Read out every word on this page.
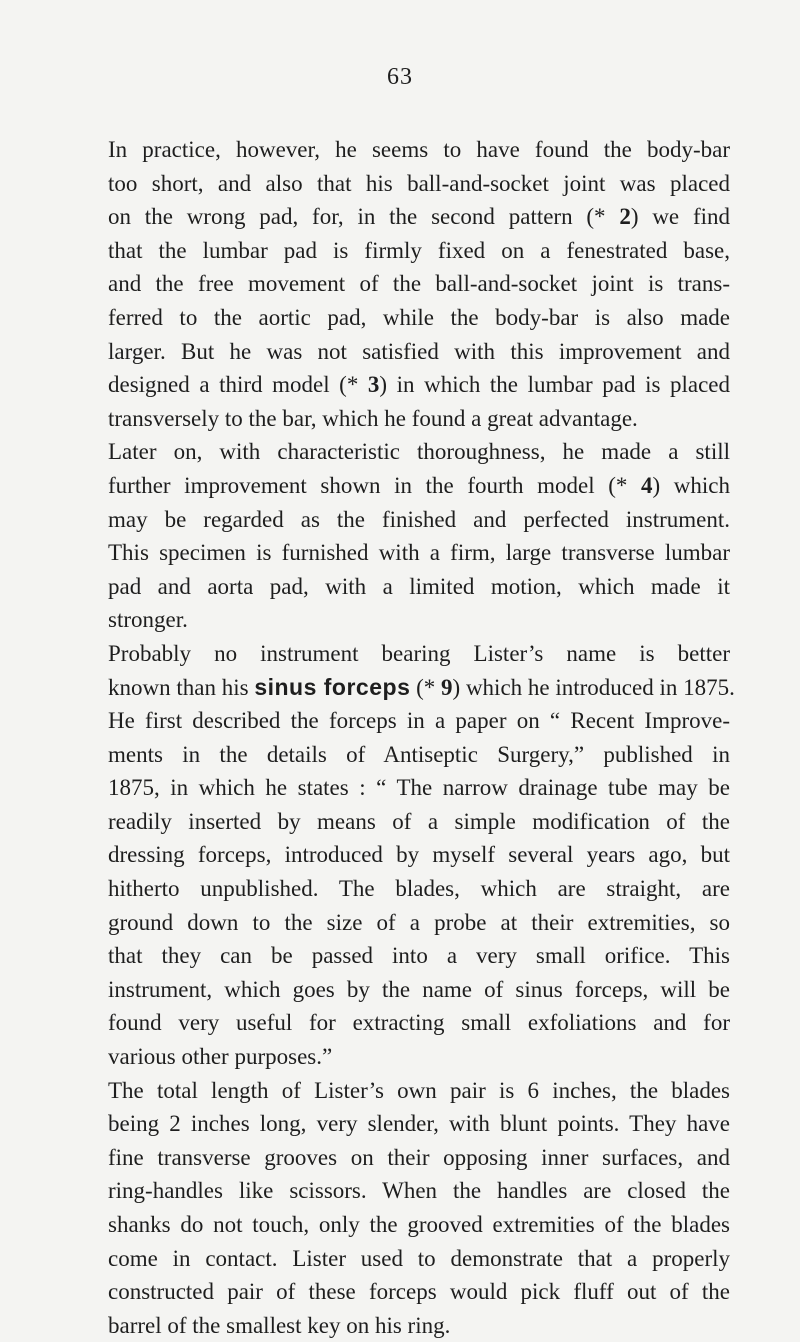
63
In practice, however, he seems to have found the body-bar
too short, and also that his ball-and-socket joint was placed
on the wrong pad, for, in the second pattern (* 2) we find
that the lumbar pad is firmly fixed on a fenestrated base,
and the free movement of the ball-and-socket joint is trans-
ferred to the aortic pad, while the body-bar is also made
larger. But he was not satisfied with this improvement and
designed a third model (* 3) in which the lumbar pad is placed
transversely to the bar, which he found a great advantage.
Later on, with characteristic thoroughness, he made a still
further improvement shown in the fourth model (* 4) which
may be regarded as the finished and perfected instrument.
This specimen is furnished with a firm, large transverse lumbar
pad and aorta pad, with a limited motion, which made it
stronger.
Probably no instrument bearing Lister’s name is better
known than his sinus forceps (* 9) which he introduced in 1875.
He first described the forceps in a paper on “ Recent Improve-
ments in the details of Antiseptic Surgery,” published in
1875, in which he states : “ The narrow drainage tube may be
readily inserted by means of a simple modification of the
dressing forceps, introduced by myself several years ago, but
hitherto unpublished. The blades, which are straight, are
ground down to the size of a probe at their extremities, so
that they can be passed into a very small orifice. This
instrument, which goes by the name of sinus forceps, will be
found very useful for extracting small exfoliations and for
various other purposes.”
The total length of Lister’s own pair is 6 inches, the blades
being 2 inches long, very slender, with blunt points. They have
fine transverse grooves on their opposing inner surfaces, and
ring-handles like scissors. When the handles are closed the
shanks do not touch, only the grooved extremities of the blades
come in contact. Lister used to demonstrate that a properly
constructed pair of these forceps would pick fluff out of the
barrel of the smallest key on his ring.
